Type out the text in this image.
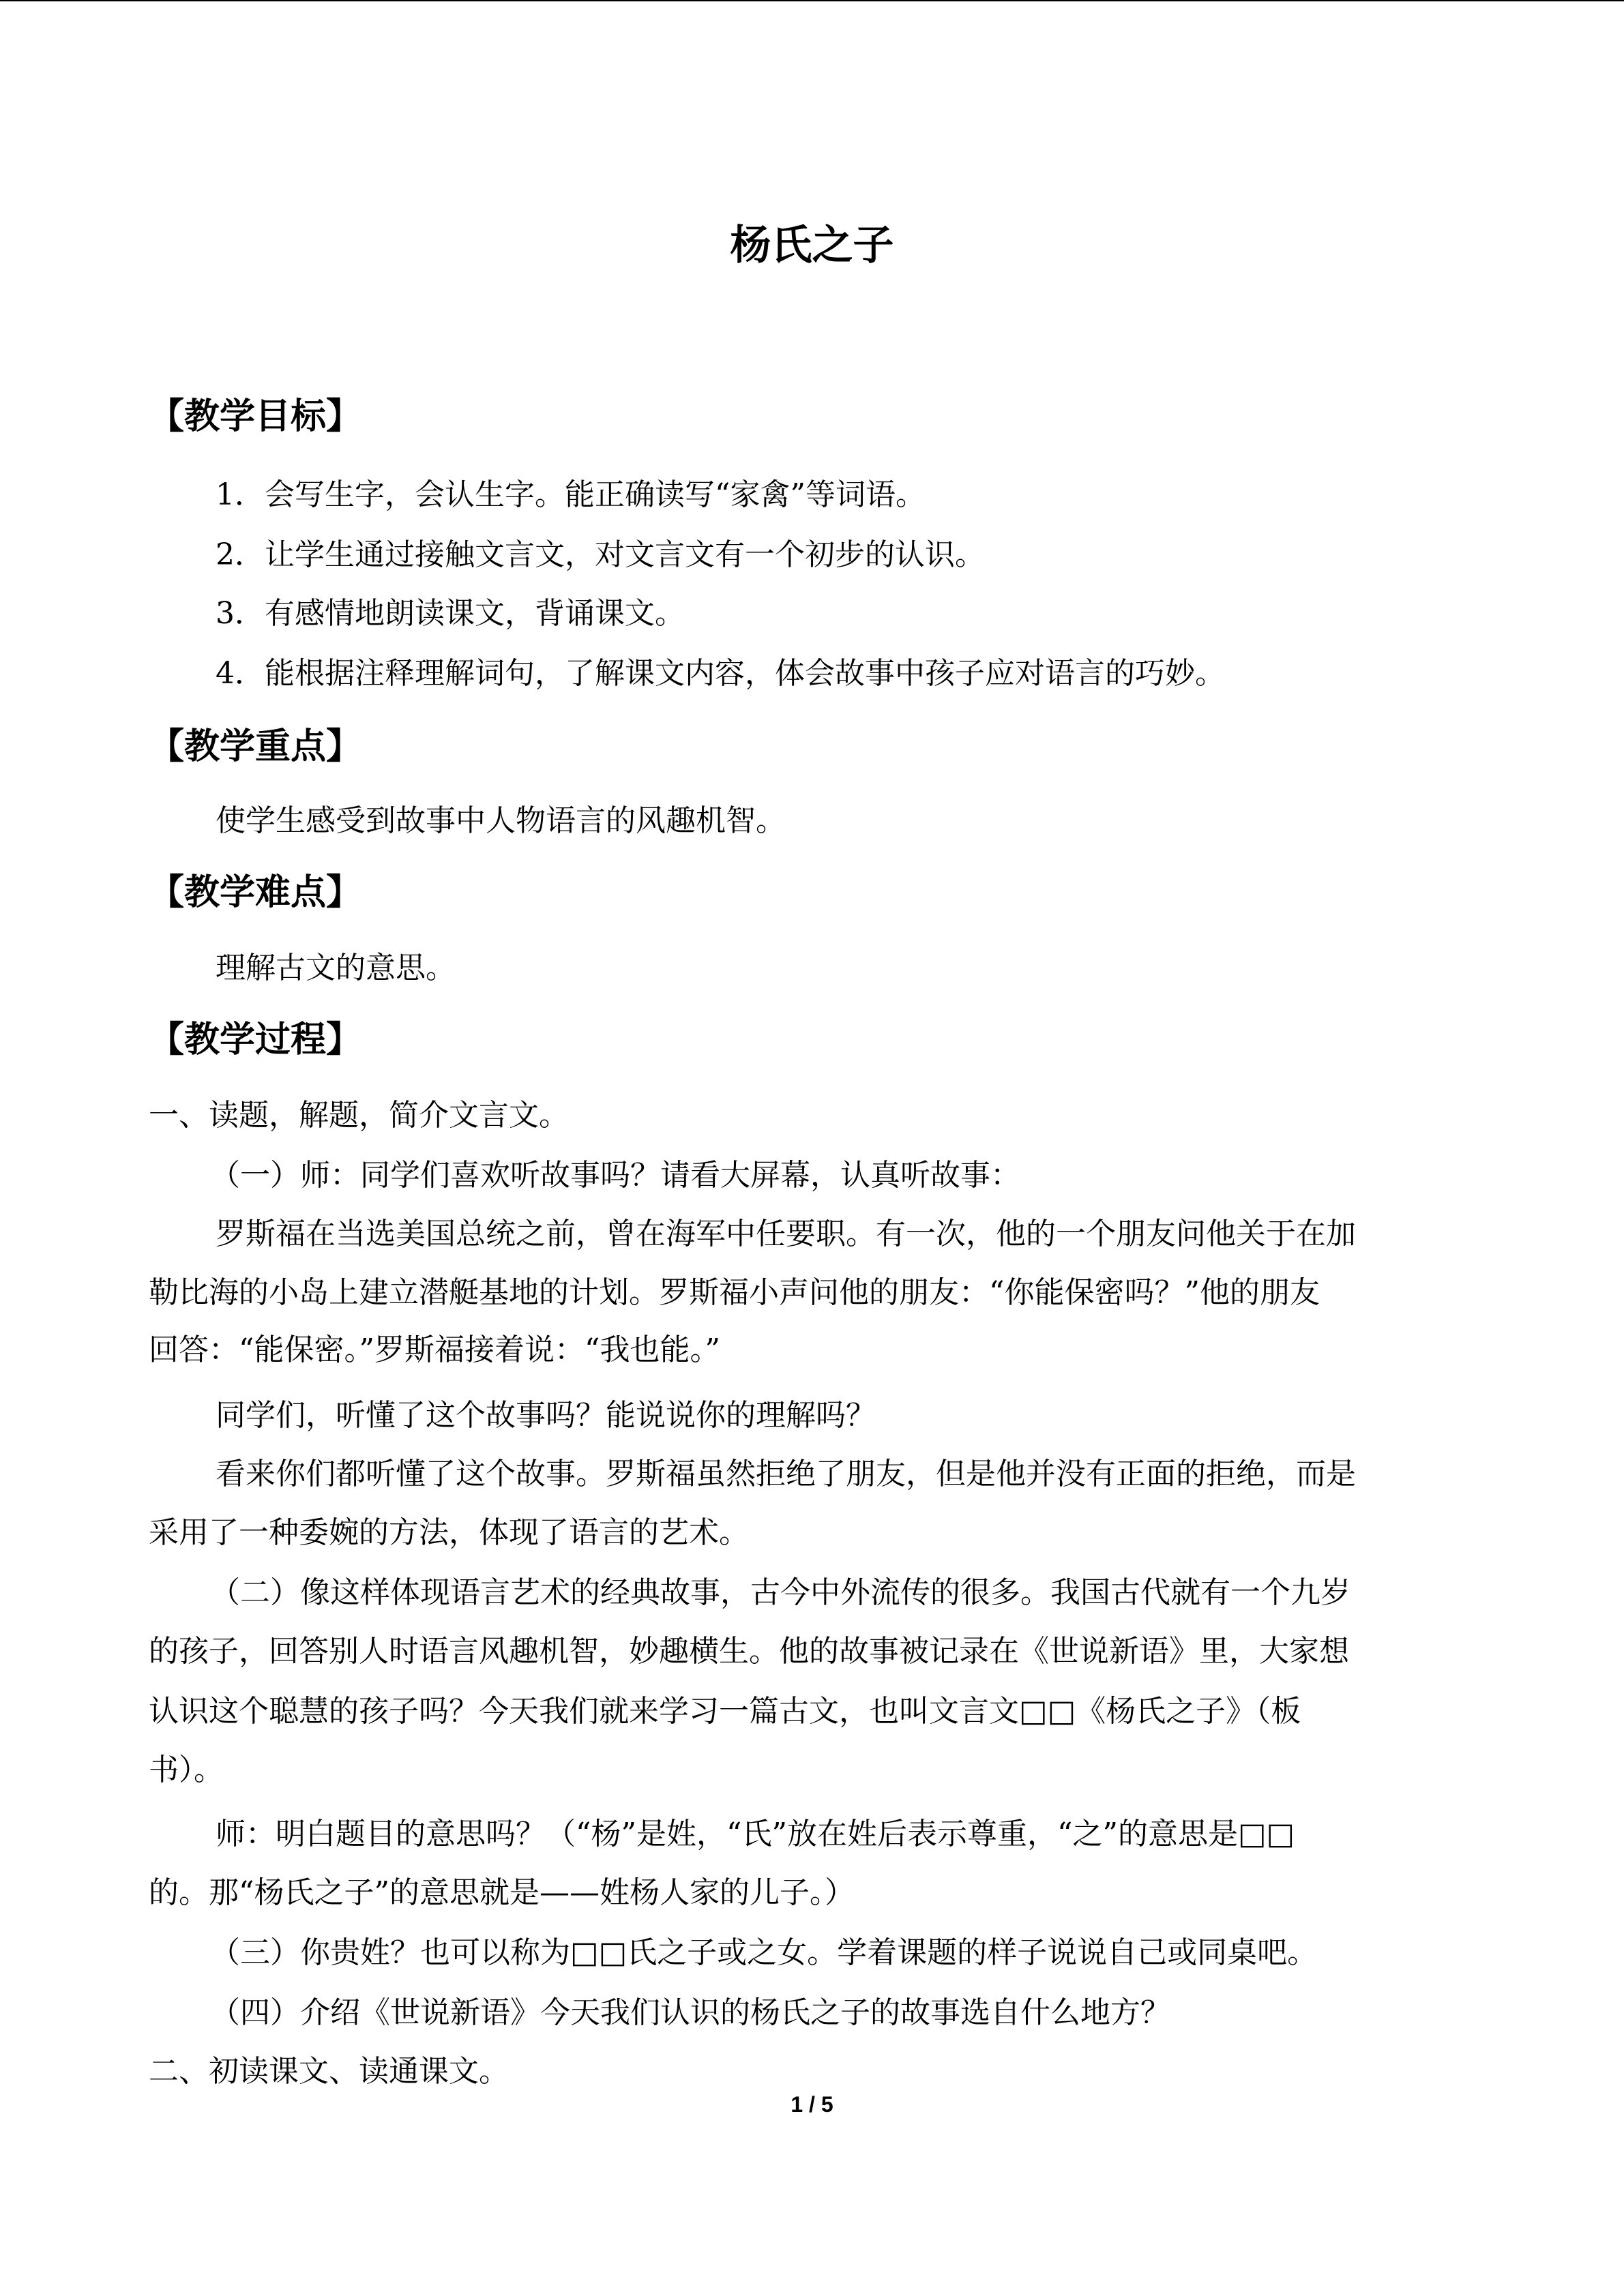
杨氏之子
【教学目标】
1．会写生字，会认生字。能正确读写“家禽”等词语。
2．让学生通过接触文言文，对文言文有一个初步的认识。
3．有感情地朗读课文，背诵课文。
4．能根据注释理解词句，了解课文内容，体会故事中孩子应对语言的巧妙。
【教学重点】
使学生感受到故事中人物语言的风趣机智。
【教学难点】
理解古文的意思。
【教学过程】
一、读题，解题，简介文言文。
（一）师：同学们喜欢听故事吗？请看大屏幕，认真听故事：
罗斯福在当选美国总统之前，曾在海军中任要职。有一次，他的一个朋友问他关于在加
勒比海的小岛上建立潜艇基地的计划。罗斯福小声问他的朋友：“你能保密吗？”他的朋友
回答：“能保密。”罗斯福接着说：“我也能。”
同学们，听懂了这个故事吗？能说说你的理解吗？
看来你们都听懂了这个故事。罗斯福虽然拒绝了朋友，但是他并没有正面的拒绝，而是
采用了一种委婉的方法，体现了语言的艺术。
（二）像这样体现语言艺术的经典故事，古今中外流传的很多。我国古代就有一个九岁
的孩子，回答别人时语言风趣机智，妙趣横生。他的故事被记录在《世说新语》里，大家想
认识这个聪慧的孩子吗？今天我们就来学习一篇古文，也叫文言文□□《杨氏之子》（板
书）。
师：明白题目的意思吗？（“杨”是姓，“氏”放在姓后表示尊重，“之”的意思是□□
的。那“杨氏之子”的意思就是——姓杨人家的儿子。）
（三）你贵姓？也可以称为□□氏之子或之女。学着课题的样子说说自己或同桌吧。
（四）介绍《世说新语》今天我们认识的杨氏之子的故事选自什么地方？
二、初读课文、读通课文。
1 / 5
